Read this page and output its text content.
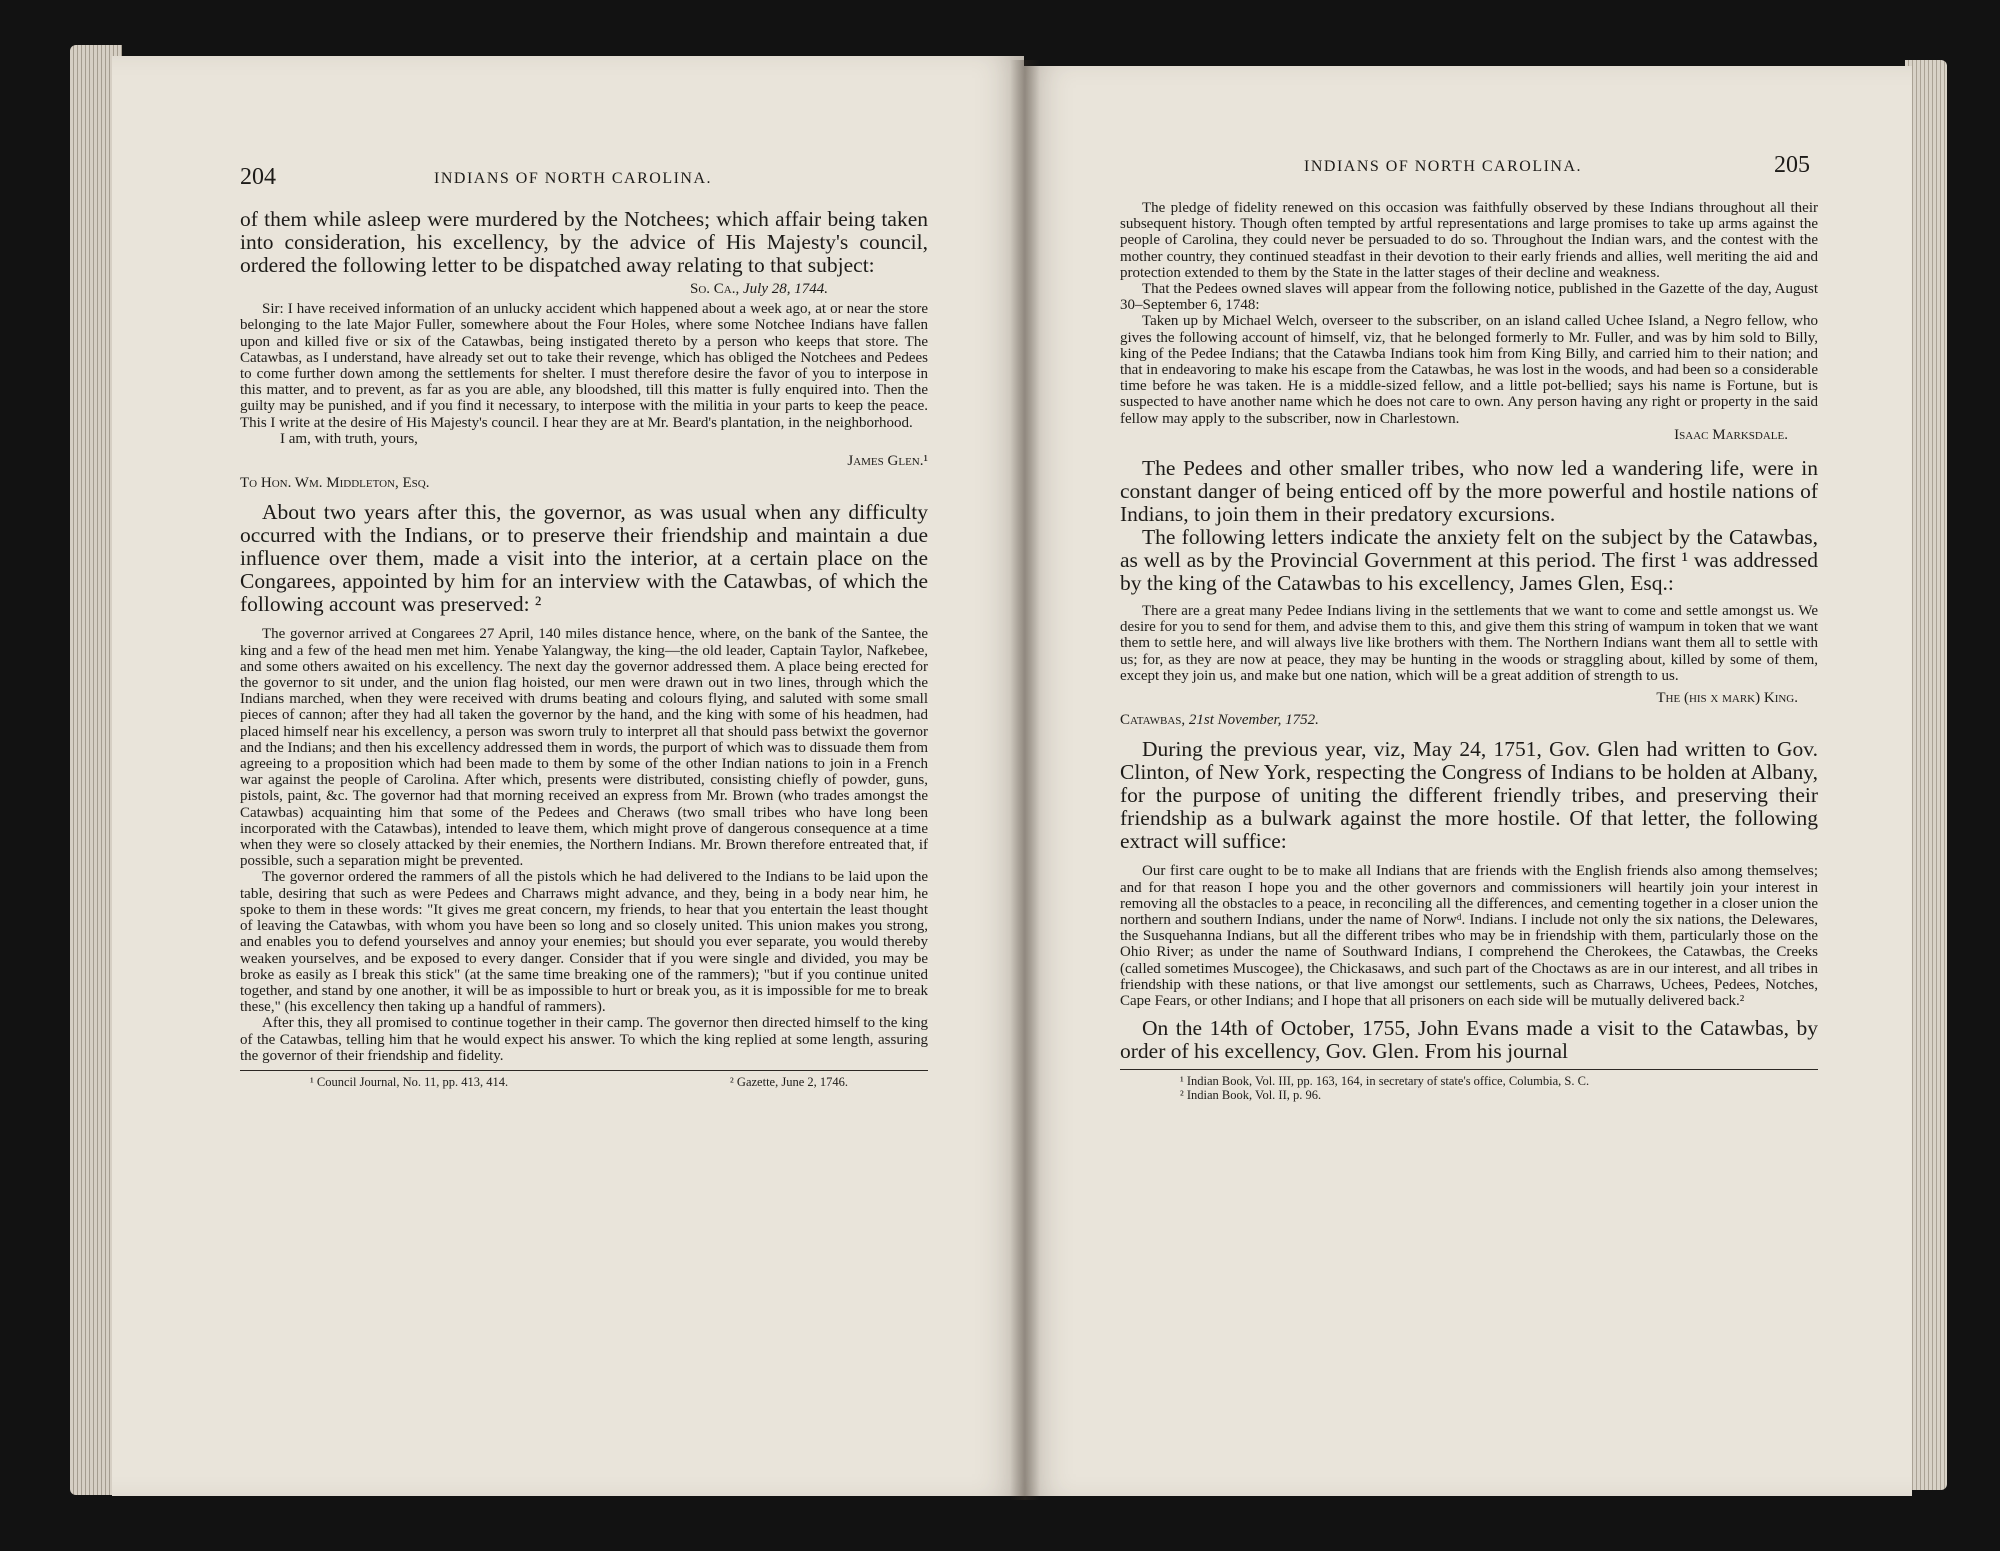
204	INDIANS OF NORTH CAROLINA.

of them while asleep were murdered by the Notchees; which affair being taken into consideration, his excellency, by the advice of His Majesty's council, ordered the following letter to be dispatched away relating to that subject:

So. Ca., July 28, 1744.

Sir: I have received information of an unlucky accident which happened about a week ago, at or near the store belonging to the late Major Fuller, somewhere about the Four Holes, where some Notchee Indians have fallen upon and killed five or six of the Catawbas, being instigated thereto by a person who keeps that store. The Catawbas, as I understand, have already set out to take their revenge, which has obliged the Notchees and Pedees to come further down among the settlements for shelter. I must therefore desire the favor of you to interpose in this matter, and to prevent, as far as you are able, any bloodshed, till this matter is fully enquired into. Then the guilty may be punished, and if you find it necessary, to interpose with the militia in your parts to keep the peace. This I write at the desire of His Majesty's council. I hear they are at Mr. Beard's plantation, in the neighborhood.

I am, with truth, yours,

James Glen.¹

To Hon. Wm. Middleton, Esq.

About two years after this, the governor, as was usual when any difficulty occurred with the Indians, or to preserve their friendship and maintain a due influence over them, made a visit into the interior, at a certain place on the Congarees, appointed by him for an interview with the Catawbas, of which the following account was preserved: ²

The governor arrived at Congarees 27 April, 140 miles distance hence, where, on the bank of the Santee, the king and a few of the head men met him. Yenabe Yalangway, the king—the old leader, Captain Taylor, Nafkebee, and some others awaited on his excellency. The next day the governor addressed them. A place being erected for the governor to sit under, and the union flag hoisted, our men were drawn out in two lines, through which the Indians marched, when they were received with drums beating and colours flying, and saluted with some small pieces of cannon; after they had all taken the governor by the hand, and the king with some of his headmen, had placed himself near his excellency, a person was sworn truly to interpret all that should pass betwixt the governor and the Indians; and then his excellency addressed them in words, the purport of which was to dissuade them from agreeing to a proposition which had been made to them by some of the other Indian nations to join in a French war against the people of Carolina. After which, presents were distributed, consisting chiefly of powder, guns, pistols, paint, &c. The governor had that morning received an express from Mr. Brown (who trades amongst the Catawbas) acquainting him that some of the Pedees and Cheraws (two small tribes who have long been incorporated with the Catawbas), intended to leave them, which might prove of dangerous consequence at a time when they were so closely attacked by their enemies, the Northern Indians. Mr. Brown therefore entreated that, if possible, such a separation might be prevented.

The governor ordered the rammers of all the pistols which he had delivered to the Indians to be laid upon the table, desiring that such as were Pedees and Charraws might advance, and they, being in a body near him, he spoke to them in these words: "It gives me great concern, my friends, to hear that you entertain the least thought of leaving the Catawbas, with whom you have been so long and so closely united. This union makes you strong, and enables you to defend yourselves and annoy your enemies; but should you ever separate, you would thereby weaken yourselves, and be exposed to every danger. Consider that if you were single and divided, you may be broke as easily as I break this stick" (at the same time breaking one of the rammers); "but if you continue united together, and stand by one another, it will be as impossible to hurt or break you, as it is impossible for me to break these," (his excellency then taking up a handful of rammers).

After this, they all promised to continue together in their camp. The governor then directed himself to the king of the Catawbas, telling him that he would expect his answer. To which the king replied at some length, assuring the governor of their friendship and fidelity.

¹ Council Journal, No. 11, pp. 413, 414.	² Gazette, June 2, 1746.
INDIANS OF NORTH CAROLINA.	205

The pledge of fidelity renewed on this occasion was faithfully observed by these Indians throughout all their subsequent history. Though often tempted by artful representations and large promises to take up arms against the people of Carolina, they could never be persuaded to do so. Throughout the Indian wars, and the contest with the mother country, they continued steadfast in their devotion to their early friends and allies, well meriting the aid and protection extended to them by the State in the latter stages of their decline and weakness.

That the Pedees owned slaves will appear from the following notice, published in the Gazette of the day, August 30–September 6, 1748:

Taken up by Michael Welch, overseer to the subscriber, on an island called Uchee Island, a Negro fellow, who gives the following account of himself, viz, that he belonged formerly to Mr. Fuller, and was by him sold to Billy, king of the Pedee Indians; that the Catawba Indians took him from King Billy, and carried him to their nation; and that in endeavoring to make his escape from the Catawbas, he was lost in the woods, and had been so a considerable time before he was taken. He is a middle-sized fellow, and a little pot-bellied; says his name is Fortune, but is suspected to have another name which he does not care to own. Any person having any right or property in the said fellow may apply to the subscriber, now in Charlestown.

Isaac Marksdale.

The Pedees and other smaller tribes, who now led a wandering life, were in constant danger of being enticed off by the more powerful and hostile nations of Indians, to join them in their predatory excursions.

The following letters indicate the anxiety felt on the subject by the Catawbas, as well as by the Provincial Government at this period. The first ¹ was addressed by the king of the Catawbas to his excellency, James Glen, Esq.:

There are a great many Pedee Indians living in the settlements that we want to come and settle amongst us. We desire for you to send for them, and advise them to this, and give them this string of wampum in token that we want them to settle here, and will always live like brothers with them. The Northern Indians want them all to settle with us; for, as they are now at peace, they may be hunting in the woods or straggling about, killed by some of them, except they join us, and make but one nation, which will be a great addition of strength to us.

The (his x mark) King.

Catawbas, 21st November, 1752.

During the previous year, viz, May 24, 1751, Gov. Glen had written to Gov. Clinton, of New York, respecting the Congress of Indians to be holden at Albany, for the purpose of uniting the different friendly tribes, and preserving their friendship as a bulwark against the more hostile. Of that letter, the following extract will suffice:

Our first care ought to be to make all Indians that are friends with the English friends also among themselves; and for that reason I hope you and the other governors and commissioners will heartily join your interest in removing all the obstacles to a peace, in reconciling all the differences, and cementing together in a closer union the northern and southern Indians, under the name of Norwᵈ. Indians. I include not only the six nations, the Delewares, the Susquehanna Indians, but all the different tribes who may be in friendship with them, particularly those on the Ohio River; as under the name of Southward Indians, I comprehend the Cherokees, the Catawbas, the Creeks (called sometimes Muscogee), the Chickasaws, and such part of the Choctaws as are in our interest, and all tribes in friendship with these nations, or that live amongst our settlements, such as Charraws, Uchees, Pedees, Notches, Cape Fears, or other Indians; and I hope that all prisoners on each side will be mutually delivered back.²

On the 14th of October, 1755, John Evans made a visit to the Catawbas, by order of his excellency, Gov. Glen. From his journal

¹ Indian Book, Vol. III, pp. 163, 164, in secretary of state's office, Columbia, S. C.
² Indian Book, Vol. II, p. 96.
